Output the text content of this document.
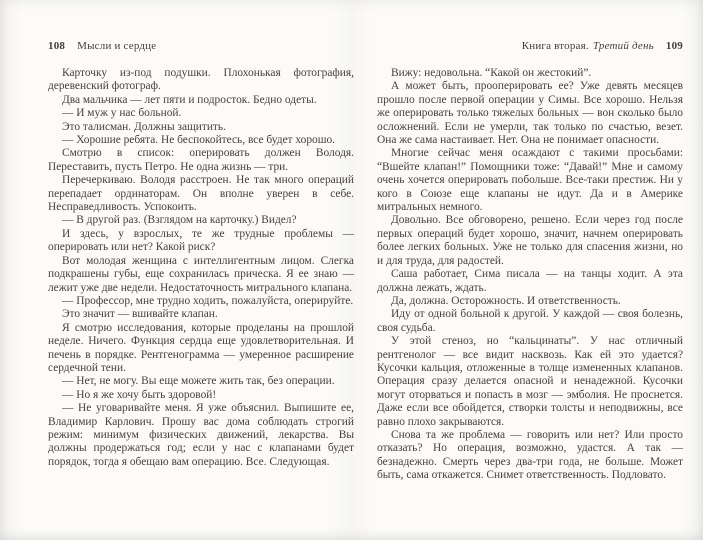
108 Мысли и сердце

Карточку из-под подушки. Плохонькая фотография, деревенский фотограф.

Два мальчика — лет пяти и подросток. Бедно одеты.

— И муж у нас больной.

Это талисман. Должны защитить.

— Хорошие ребята. Не беспокойтесь, все будет хорошо.

Смотрю в список: оперировать должен Володя. Переставить, пусть Петро. Не одна жизнь — три.

Перечеркиваю. Володя расстроен. Не так много операций перепадает ординаторам. Он вполне уверен в себе. Несправедливость. Успокоить.

— В другой раз. (Взглядом на карточку.) Видел?

И здесь, у взрослых, те же трудные проблемы — оперировать или нет? Какой риск?

Вот молодая женщина с интеллигентным лицом. Слегка подкрашены губы, еще сохранилась прическа. Я ее знаю — лежит уже две недели. Недостаточность митрального клапана.

— Профессор, мне трудно ходить, пожалуйста, оперируйте.

Это значит — вшивайте клапан.

Я смотрю исследования, которые проделаны на прошлой неделе. Ничего. Функция сердца еще удовлетворительная. И печень в порядке. Рентгенограмма — умеренное расширение сердечной тени.

— Нет, не могу. Вы еще можете жить так, без операции.

— Но я же хочу быть здоровой!

— Не уговаривайте меня. Я уже объяснил. Выпишите ее, Владимир Карлович. Прошу вас дома соблюдать строгий режим: минимум физических движений, лекарства. Вы должны продержаться год; если у нас с клапанами будет порядок, тогда я обещаю вам операцию. Все. Следующая.

Книга вторая. Третий день 109

Вижу: недовольна. “Какой он жестокий”.

А может быть, прооперировать ее? Уже девять месяцев прошло после первой операции у Симы. Все хорошо. Нельзя же оперировать только тяжелых больных — вон сколько было осложнений. Если не умерли, так только по счастью, везет. Она же сама настаивает. Нет. Она не понимает опасности.

Многие сейчас меня осаждают с такими просьбами: “Вшейте клапан!” Помощники тоже: “Давай!” Мне и самому очень хочется оперировать побольше. Все-таки престиж. Ни у кого в Союзе еще клапаны не идут. Да и в Америке митральных немного.

Довольно. Все обговорено, решено. Если через год после первых операций будет хорошо, значит, начнем оперировать более легких больных. Уже не только для спасения жизни, но и для труда, для радостей.

Саша работает, Сима писала — на танцы ходит. А эта должна лежать, ждать.

Да, должна. Осторожность. И ответственность.

Иду от одной больной к другой. У каждой — своя болезнь, своя судьба.

У этой стеноз, но “кальцинаты”. У нас отличный рентгенолог — все видит насквозь. Как ей это удается? Кусочки кальция, отложенные в толще измененных клапанов. Операция сразу делается опасной и ненадежной. Кусочки могут оторваться и попасть в мозг — эмболия. Не проснется. Даже если все обойдется, створки толсты и неподвижны, все равно плохо закрываются.

Снова та же проблема — говорить или нет? Или просто отказать? Но операция, возможно, удастся. А так — безнадежно. Смерть через два-три года, не больше. Может быть, сама откажется. Снимет ответственность. Подловато.
